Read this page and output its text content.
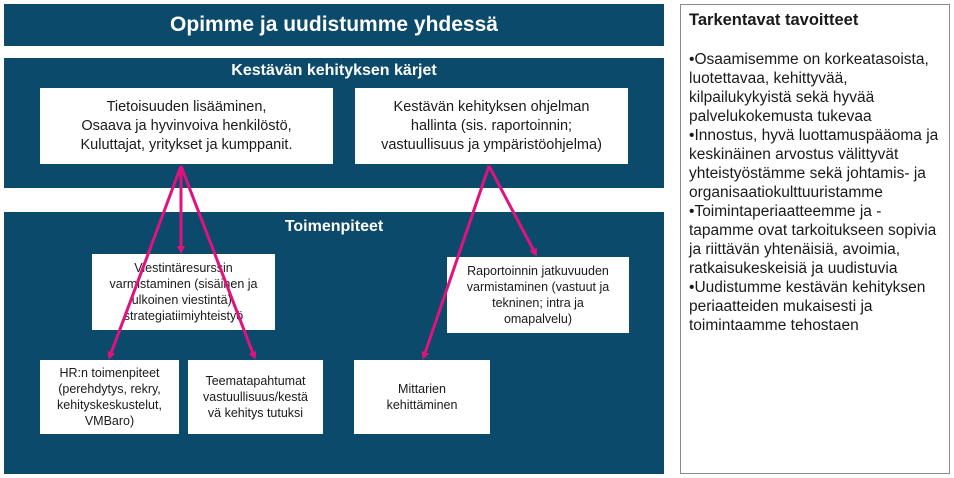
Opimme ja uudistumme yhdessä
Kestävän kehityksen kärjet
Toimenpiteet
Tietoisuuden lisääminen,
Osaava ja hyvinvoiva henkilöstö,
Kuluttajat, yritykset ja kumppanit.
Kestävän kehityksen ohjelman
hallinta (sis. raportoinnin;
vastuullisuus ja ympäristöohjelma)
Viestintäresurssin
varmistaminen (sisäinen ja
ulkoinen viestintä),
strategiatiimiyhteistyö
Raportoinnin jatkuvuuden
varmistaminen (vastuut ja
tekninen; intra ja
omapalvelu)
HR:n toimenpiteet
(perehdytys, rekry,
kehityskeskustelut,
VMBaro)
Teematapahtumat
vastuullisuus/kestä
vä kehitys tutuksi
Mittarien
kehittäminen
Tarkentavat tavoitteet
• Osaamisemme on korkeatasoista, luotettavaa, kehittyvää, kilpailukykyistä sekä hyvää palvelukokemusta tukevaa
• Innostus, hyvä luottamuspääoma ja keskinäinen arvostus välittyvät yhteistyöstämme sekä johtamis- ja organisaatiokulttuuristamme
• Toimintaperiaatteemme ja -tapamme ovat tarkoitukseen sopivia ja riittävän yhtenäisiä, avoimia, ratkaisukeskeisiä ja uudistuvia
• Uudistumme kestävän kehityksen periaatteiden mukaisesti ja toimintaamme tehostaen
